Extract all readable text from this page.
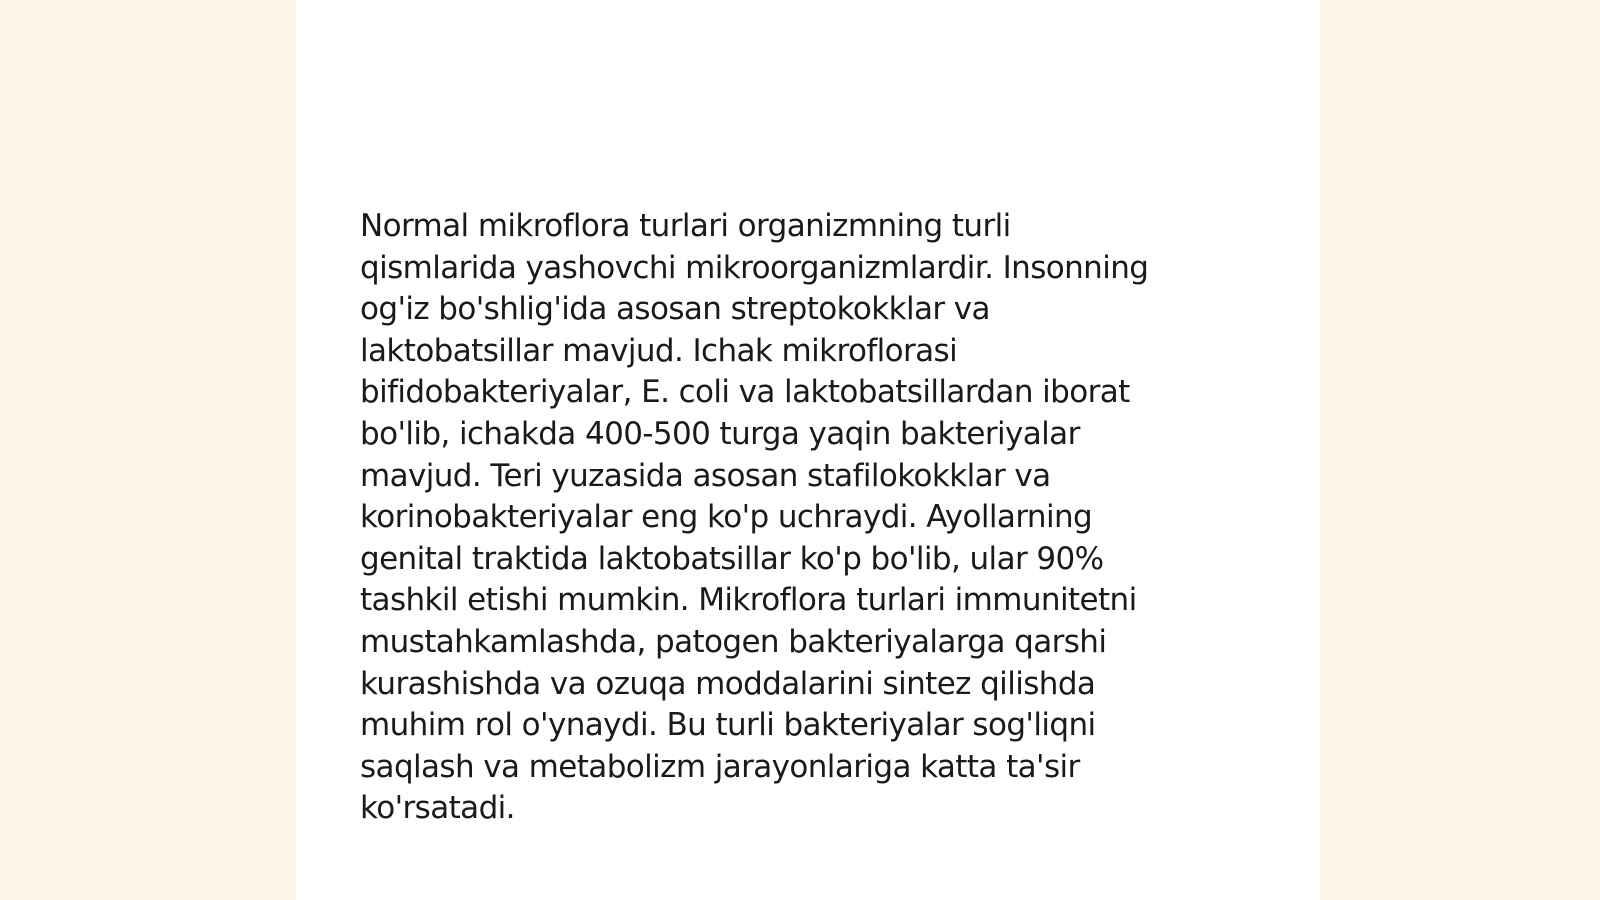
Normal mikroflora turlari organizmning turli
qismlarida yashovchi mikroorganizmlardir. Insonning
og'iz bo'shlig'ida asosan streptokokklar va
laktobatsillar mavjud. Ichak mikroflorasi
bifidobakteriyalar, E. coli va laktobatsillardan iborat
bo'lib, ichakda 400-500 turga yaqin bakteriyalar
mavjud. Teri yuzasida asosan stafilokokklar va
korinobakteriyalar eng ko'p uchraydi. Ayollarning
genital traktida laktobatsillar ko'p bo'lib, ular 90%
tashkil etishi mumkin. Mikroflora turlari immunitetni
mustahkamlashda, patogen bakteriyalarga qarshi
kurashishda va ozuqa moddalarini sintez qilishda
muhim rol o'ynaydi. Bu turli bakteriyalar sog'liqni
saqlash va metabolizm jarayonlariga katta ta'sir
ko'rsatadi.
